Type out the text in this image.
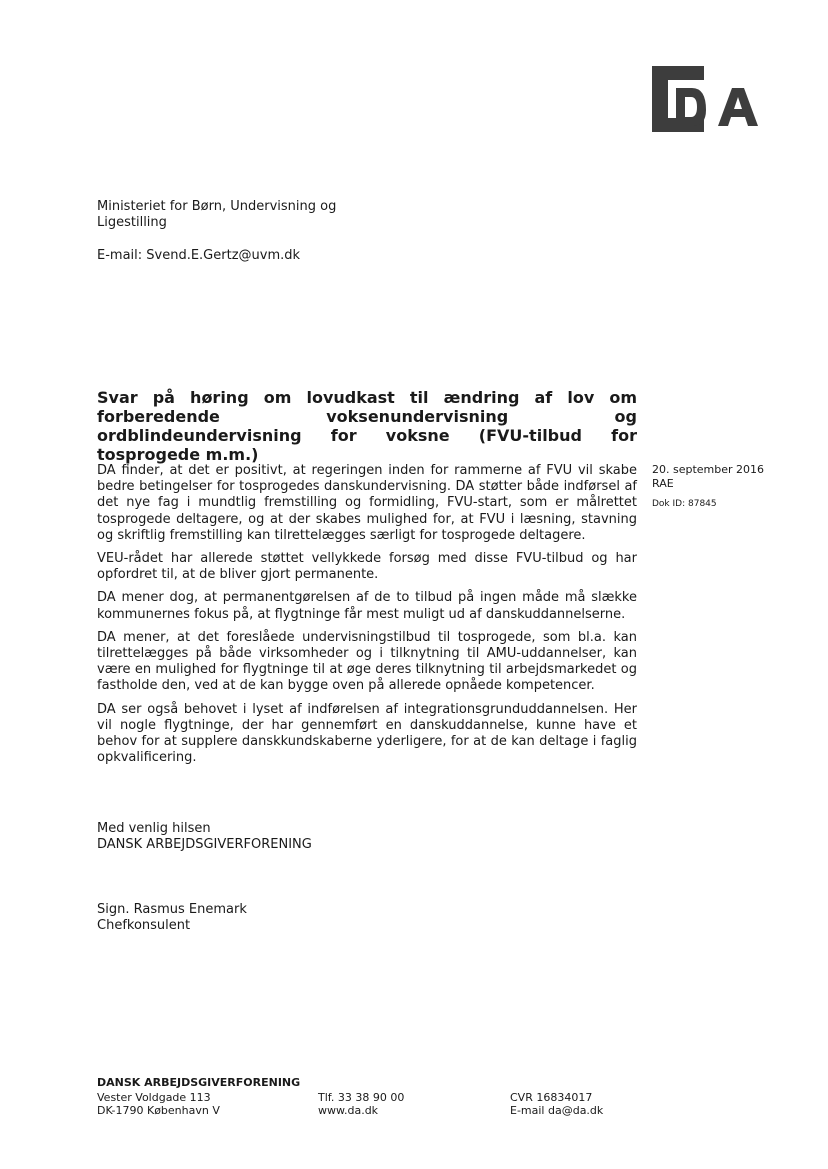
Ministeriet for Børn, Undervisning og
Ligestilling
E-mail: Svend.E.Gertz@uvm.dk
Svar på høring om lovudkast til ændring af lov om forberedende voksenundervisning og ordblindeundervisning for voksne (FVU-tilbud for tosprogede m.m.)

DA finder, at det er positivt, at regeringen inden for rammerne af FVU vil skabe bedre betingelser for tosprogedes danskundervisning. DA støtter både indførsel af det nye fag i mundtlig fremstilling og formidling, FVU-start, som er målrettet tosprogede deltagere, og at der skabes mulighed for, at FVU i læsning, stavning og skriftlig fremstilling kan tilrettelægges særligt for tosprogede deltagere.

VEU-rådet har allerede støttet vellykkede forsøg med disse FVU-tilbud og har opfordret til, at de bliver gjort permanente.

DA mener dog, at permanentgørelsen af de to tilbud på ingen måde må slække kommunernes fokus på, at flygtninge får mest muligt ud af danskuddannelserne.

DA mener, at det foreslåede undervisningstilbud til tosprogede, som bl.a. kan tilrettelægges på både virksomheder og i tilknytning til AMU-uddannelser, kan være en mulighed for flygtninge til at øge deres tilknytning til arbejdsmarkedet og fastholde den, ved at de kan bygge oven på allerede opnåede kompetencer.

DA ser også behovet i lyset af indførelsen af integrationsgrunduddannelsen. Her vil nogle flygtninge, der har gennemført en danskuddannelse, kunne have et behov for at supplere danskkundskaberne yderligere, for at de kan deltage i faglig opkvalificering.

20. september 2016
RAE
Dok ID: 87845
Med venlig hilsen
DANSK ARBEJDSGIVERFORENING
Sign. Rasmus Enemark
Chefkonsulent
DANSK ARBEJDSGIVERFORENING
Vester Voldgade 113
DK-1790 København V
Tlf. 33 38 90 00
www.da.dk
CVR 16834017
E-mail da@da.dk
